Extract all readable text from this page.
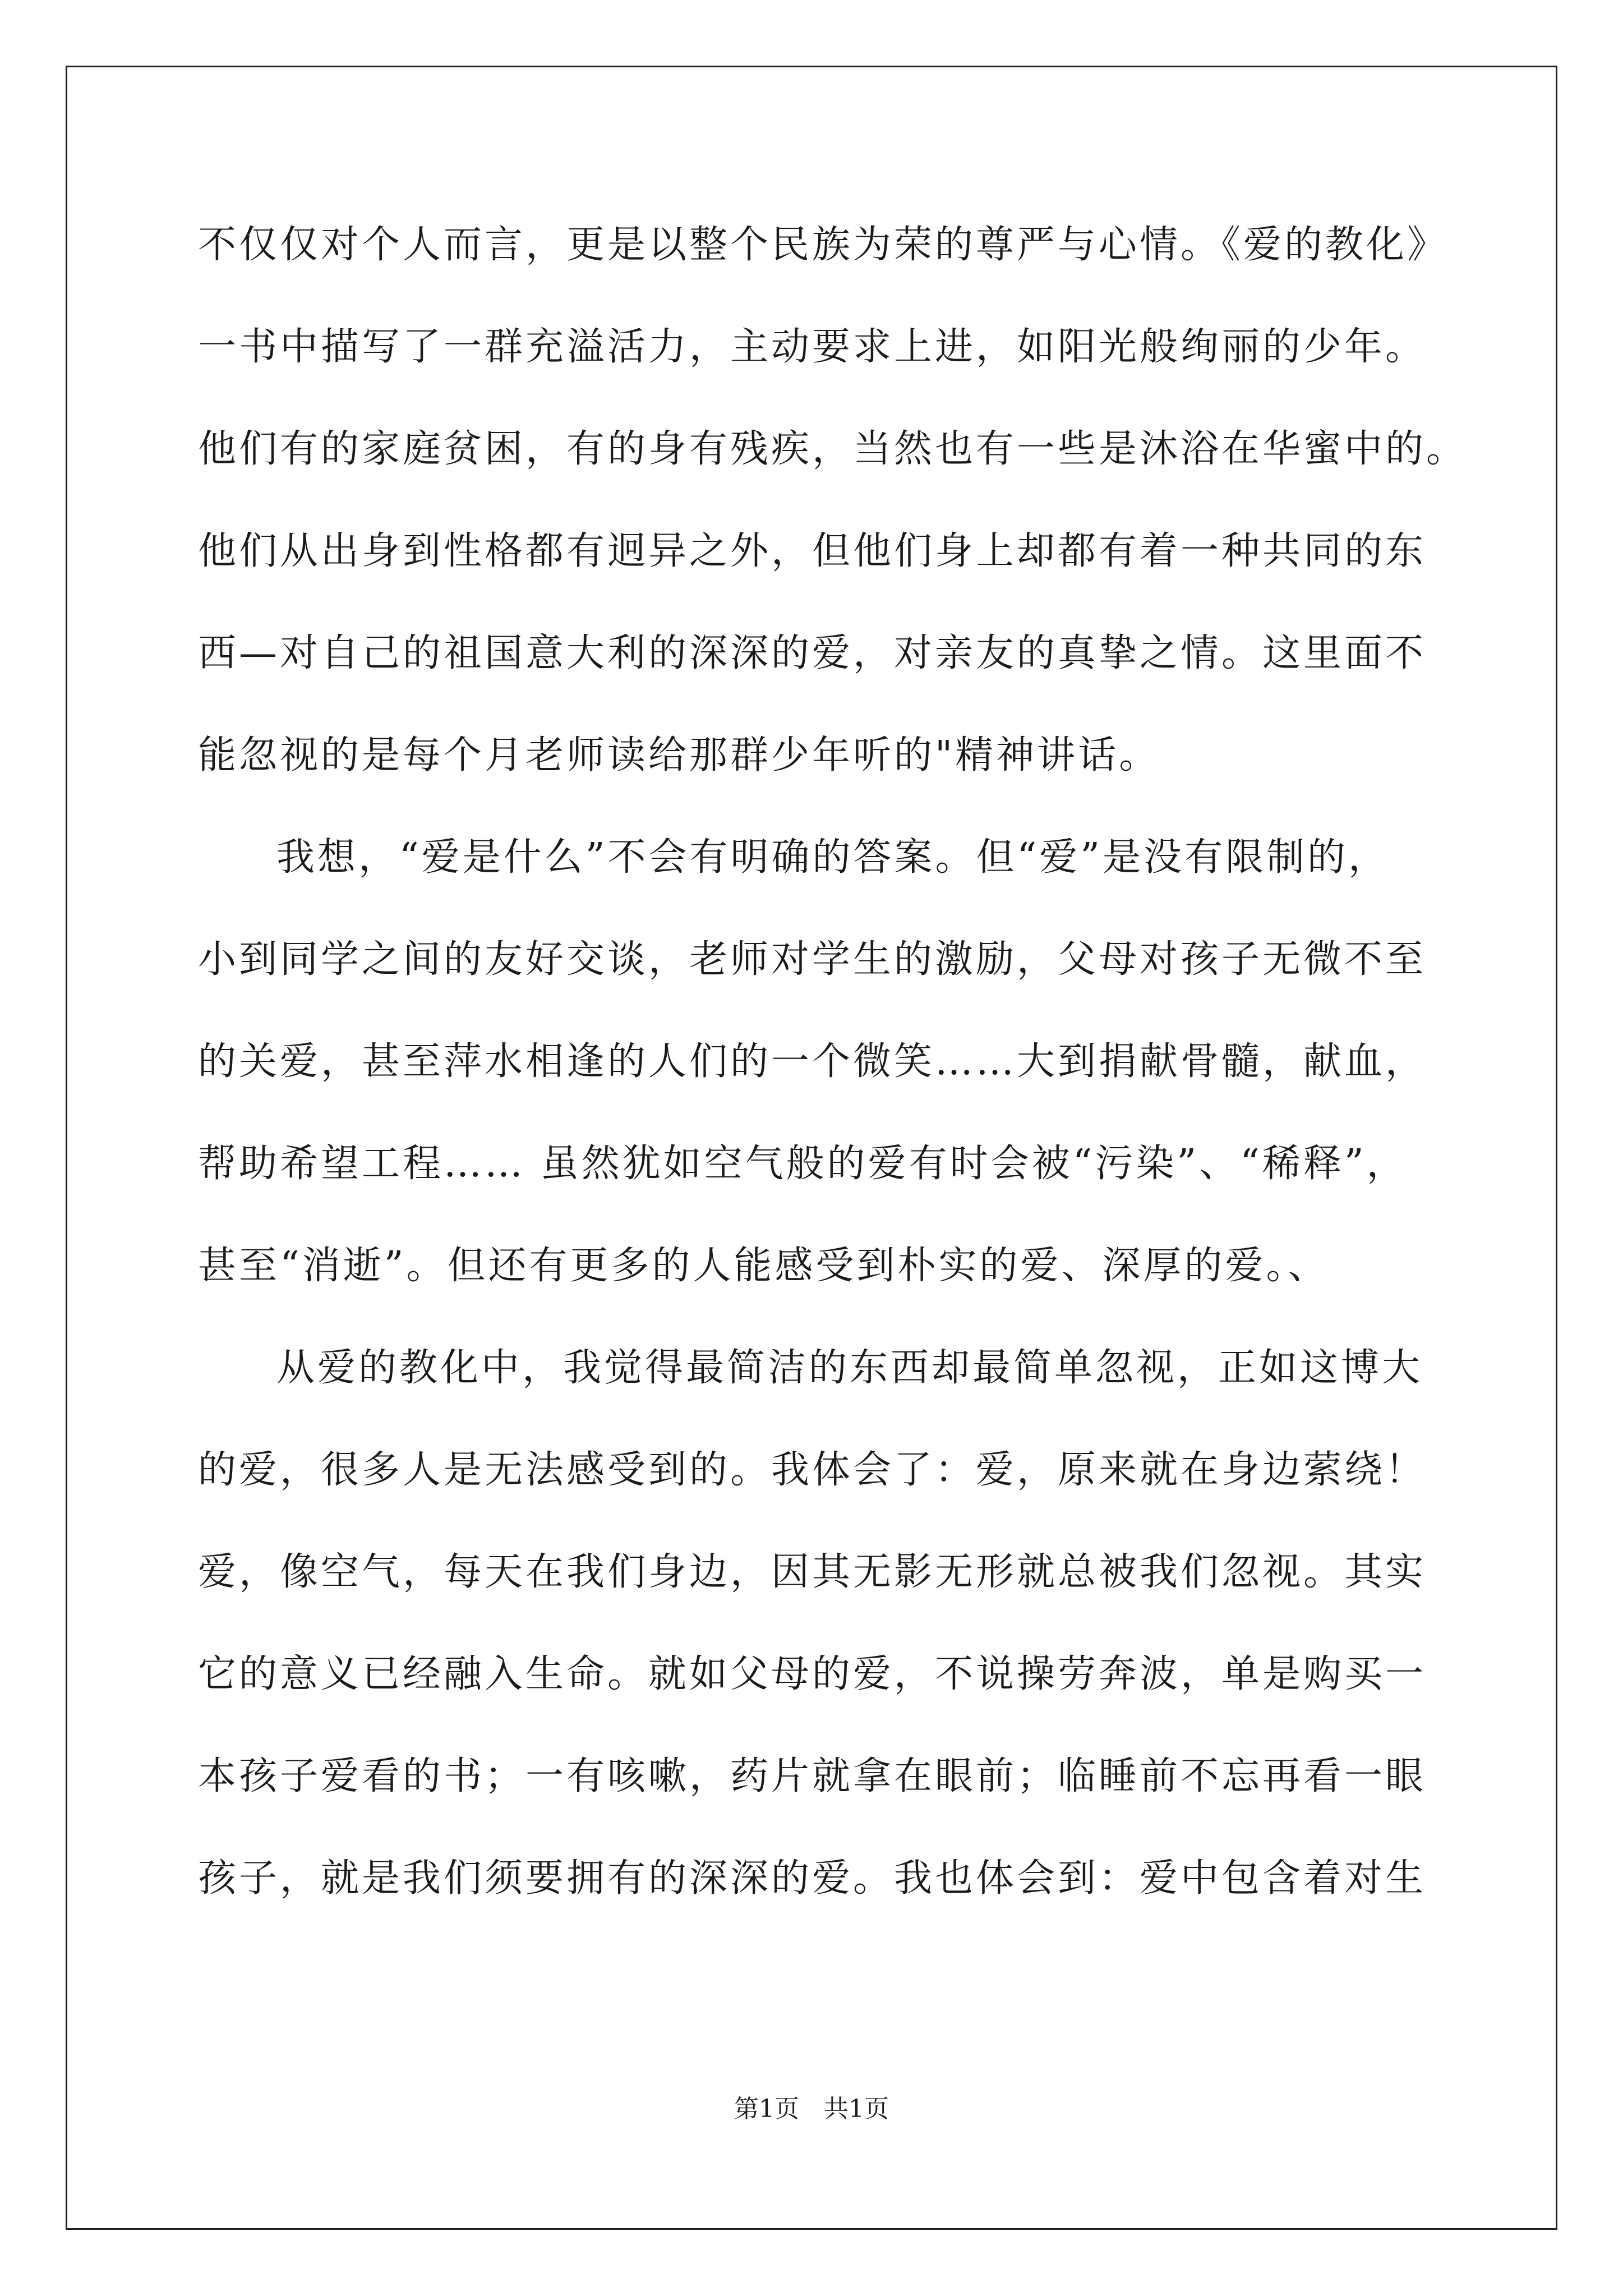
不仅仅对个人而言，更是以整个民族为荣的尊严与心情。《爱的教化》
一书中描写了一群充溢活力，主动要求上进，如阳光般绚丽的少年。
他们有的家庭贫困，有的身有残疾，当然也有一些是沐浴在华蜜中的。
他们从出身到性格都有迥异之外，但他们身上却都有着一种共同的东
西—对自己的祖国意大利的深深的爱，对亲友的真挚之情。这里面不
能忽视的是每个月老师读给那群少年听的"精神讲话。
我想，“爱是什么”不会有明确的答案。但“爱”是没有限制的，
小到同学之间的友好交谈，老师对学生的激励，父母对孩子无微不至
的关爱，甚至萍水相逢的人们的一个微笑……大到捐献骨髓，献血，
帮助希望工程…… 虽然犹如空气般的爱有时会被“污染”、“稀释”，
甚至“消逝”。但还有更多的人能感受到朴实的爱、深厚的爱。、
从爱的教化中，我觉得最简洁的东西却最简单忽视，正如这博大
的爱，很多人是无法感受到的。我体会了：爱，原来就在身边萦绕！
爱，像空气，每天在我们身边，因其无影无形就总被我们忽视。其实
它的意义已经融入生命。就如父母的爱，不说操劳奔波，单是购买一
本孩子爱看的书；一有咳嗽，药片就拿在眼前；临睡前不忘再看一眼
孩子，就是我们须要拥有的深深的爱。我也体会到：爱中包含着对生
第1页　共1页
